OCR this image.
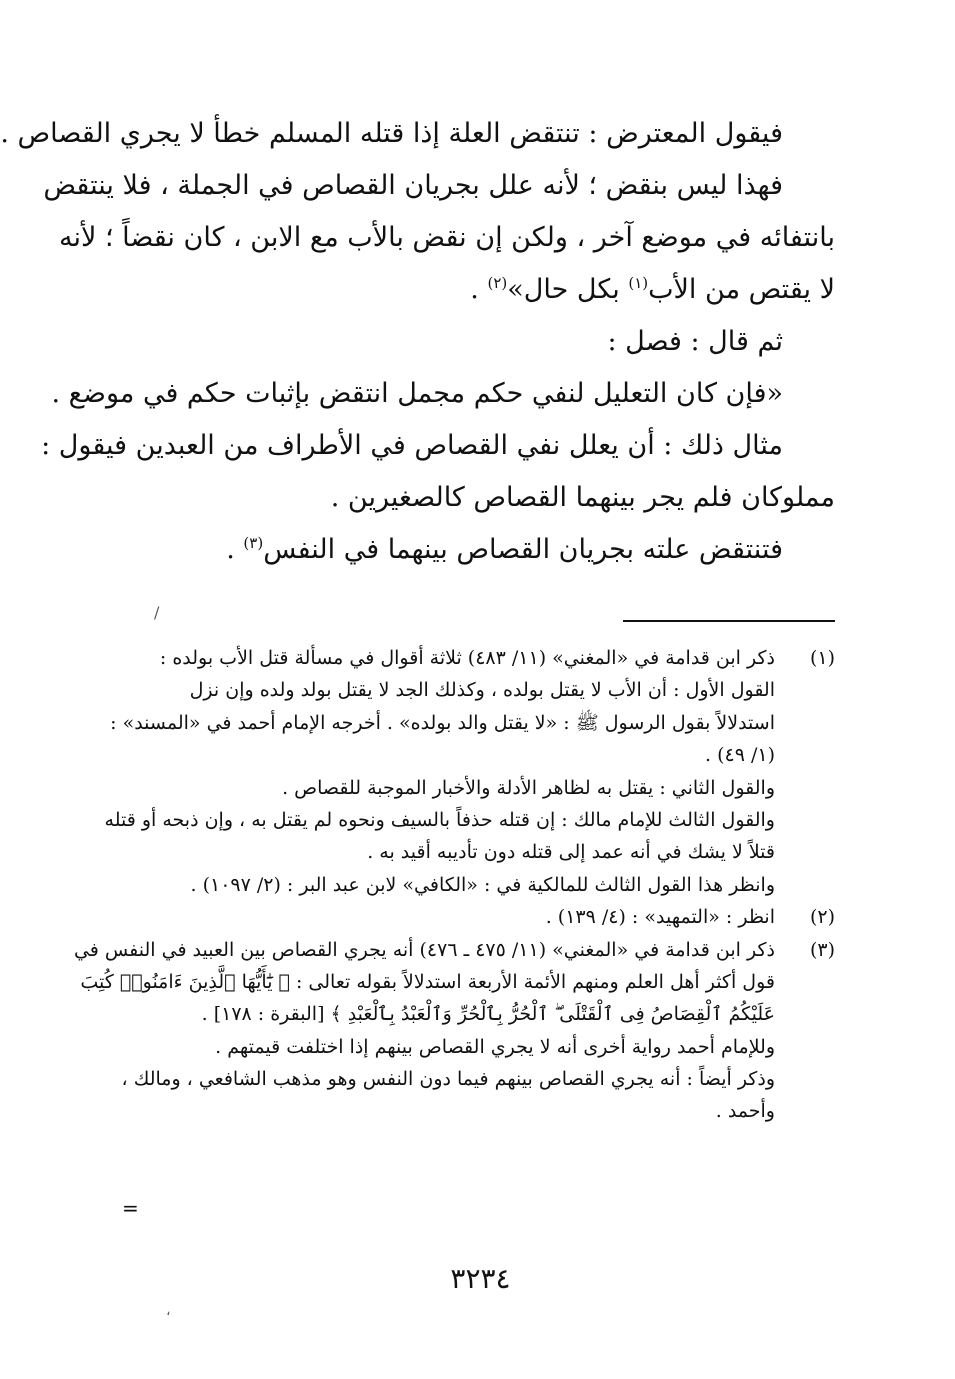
فيقول المعترض : تنتقض العلة إذا قتله المسلم خطأ لا يجري القصاص .
فهذا ليس بنقض ؛ لأنه علل بجريان القصاص في الجملة ، فلا ينتقض
بانتفائه في موضع آخر ، ولكن إن نقض بالأب مع الابن ، كان نقضاً ؛ لأنه
لا يقتص من الأب$^{(١)}$ بكل حال»$^{(٢)}$ .
ثم قال : فصل :
«فإن كان التعليل لنفي حكم مجمل انتقض بإثبات حكم في موضع .
مثال ذلك : أن يعلل نفي القصاص في الأطراف من العبدين فيقول :
مملوكان فلم يجر بينهما القصاص كالصغيرين .
فتنتقض علته بجريان القصاص بينهما في النفس$^{(٣)}$ .
/
(١)ذكر ابن قدامة في «المغني» (١١/ ٤٨٣) ثلاثة أقوال في مسألة قتل الأب بولده :
القول الأول : أن الأب لا يقتل بولده ، وكذلك الجد لا يقتل بولد ولده وإن نزل
استدلالاً بقول الرسول ﷺ : «لا يقتل والد بولده» . أخرجه الإمام أحمد في «المسند» :
(١/ ٤٩) .
والقول الثاني : يقتل به لظاهر الأدلة والأخبار الموجبة للقصاص .
والقول الثالث للإمام مالك : إن قتله حذفاً بالسيف ونحوه لم يقتل به ، وإن ذبحه أو قتله
قتلاً لا يشك في أنه عمد إلى قتله دون تأديبه أقيد به .
وانظر هذا القول الثالث للمالكية في : «الكافي» لابن عبد البر : (٢/ ١٠٩٧) .
(٢)انظر : «التمهيد» : (٤/ ١٣٩) .
(٣)ذكر ابن قدامة في «المغني» (١١/ ٤٧٥ ـ ٤٧٦) أنه يجري القصاص بين العبيد في النفس في
قول أكثر أهل العلم ومنهم الأئمة الأربعة استدلالاً بقوله تعالى : ﴿ يَٰٓأَيُّهَا ٱلَّذِينَ ءَامَنُوا۟ كُتِبَ
عَلَيْكُمُ ٱلْقِصَاصُ فِى ٱلْقَتْلَى ۖ ٱلْحُرُّ بِٱلْحُرِّ وَٱلْعَبْدُ بِٱلْعَبْدِ ﴾ [البقرة : ١٧٨] .
وللإمام أحمد رواية أخرى أنه لا يجري القصاص بينهم إذا اختلفت قيمتهم .
وذكر أيضاً : أنه يجري القصاص بينهم فيما دون النفس وهو مذهب الشافعي ، ومالك ،
وأحمد .
=
٣٢٣٤
،
